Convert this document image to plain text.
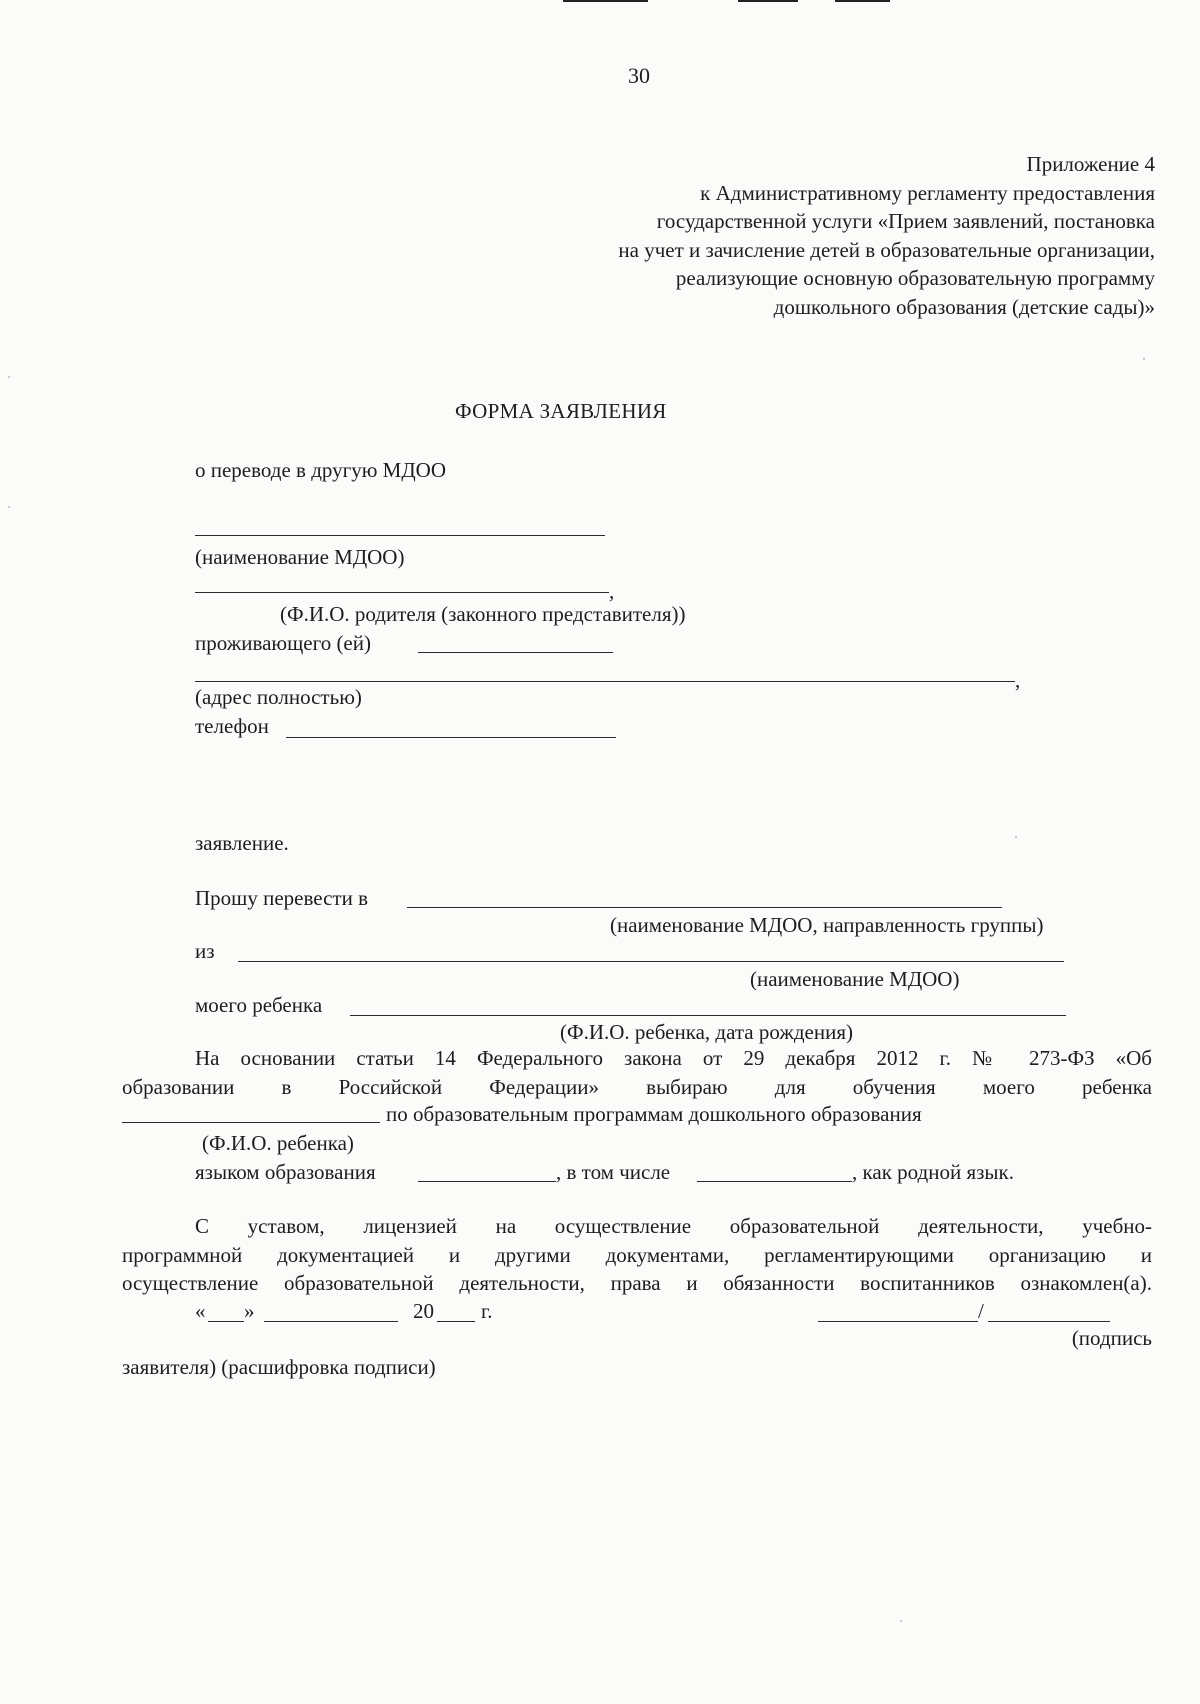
30
Приложение 4
к Административному регламенту предоставления
государственной услуги «Прием заявлений, постановка
на учет и зачисление детей в образовательные организации,
реализующие основную образовательную программу
дошкольного образования (детские сады)»
ФОРМА ЗАЯВЛЕНИЯ
о переводе в другую МДОО
(наименование МДОО)
,
(Ф.И.О. родителя (законного представителя))
проживающего (ей)
,
(адрес полностью)
телефон
заявление.
Прошу перевести в
(наименование МДОО, направленность группы)
из
(наименование МДОО)
моего ребенка
(Ф.И.О. ребенка, дата рождения)
На основании статьи 14 Федерального закона от 29 декабря 2012 г. № 273-ФЗ «Об
образовании в Российской Федерации» выбираю для обучения моего ребенка
по образовательным программам дошкольного образования
(Ф.И.О. ребенка)
языком образования	, в том числе	, как родной язык.
С уставом, лицензией на осуществление образовательной деятельности, учебно-
программной документацией и другими документами, регламентирующими организацию и
осуществление образовательной деятельности, права и обязанности воспитанников ознакомлен(а).
« »	20 г.	/
(подпись
заявителя) (расшифровка подписи)
